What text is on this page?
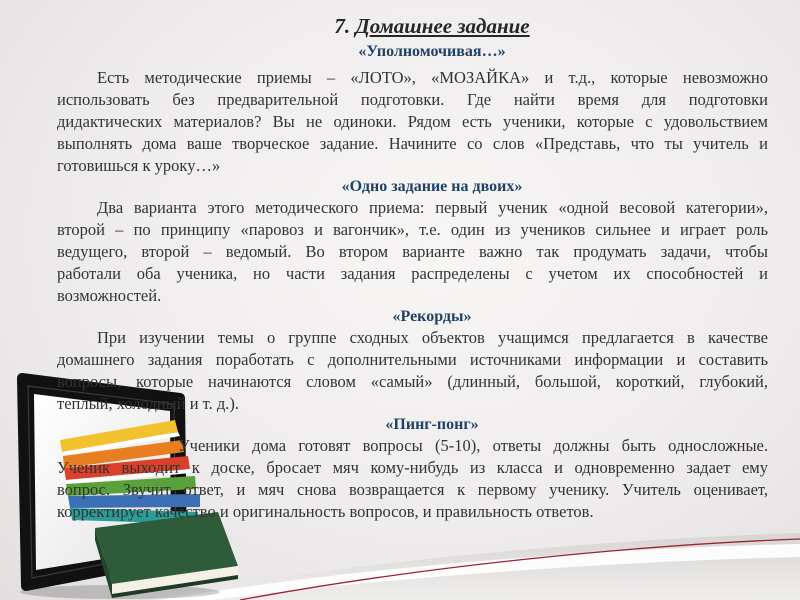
7. Домашнее задание
«Уполномочивая…»
Есть методические приемы – «ЛОТО», «МОЗАЙКА» и т.д., которые невозможно
использовать без предварительной подготовки. Где найти время для подготовки
дидактических материалов? Вы не одиноки. Рядом есть ученики, которые с удовольствием
выполнять дома ваше творческое задание. Начините со слов «Представь, что ты учитель и
готовишься к уроку…»
«Одно задание на двоих»
Два варианта этого методического приема: первый ученик «одной весовой категории»,
второй – по принципу «паровоз и вагончик», т.е. один из учеников сильнее и играет роль
ведущего, второй – ведомый. Во втором варианте важно так продумать задачи, чтобы
работали оба ученика, но части задания распределены с учетом их способностей и
возможностей.
«Рекорды»
При изучении темы о группе сходных объектов учащимся предлагается в качестве
домашнего задания поработать с дополнительными источниками информации и составить
вопросы, которые начинаются словом «самый» (длинный, большой, короткий, глубокий,
теплый, холодный и т. д.).
«Пинг-понг»
Ученики дома готовят вопросы (5-10), ответы должны быть односложные.
Ученик выходит к доске, бросает мяч кому-нибудь из класса и одновременно задает ему
вопрос. Звучит ответ, и мяч снова возвращается к первому ученику. Учитель оценивает,
корректирует качество и оригинальность вопросов, и правильность ответов.
